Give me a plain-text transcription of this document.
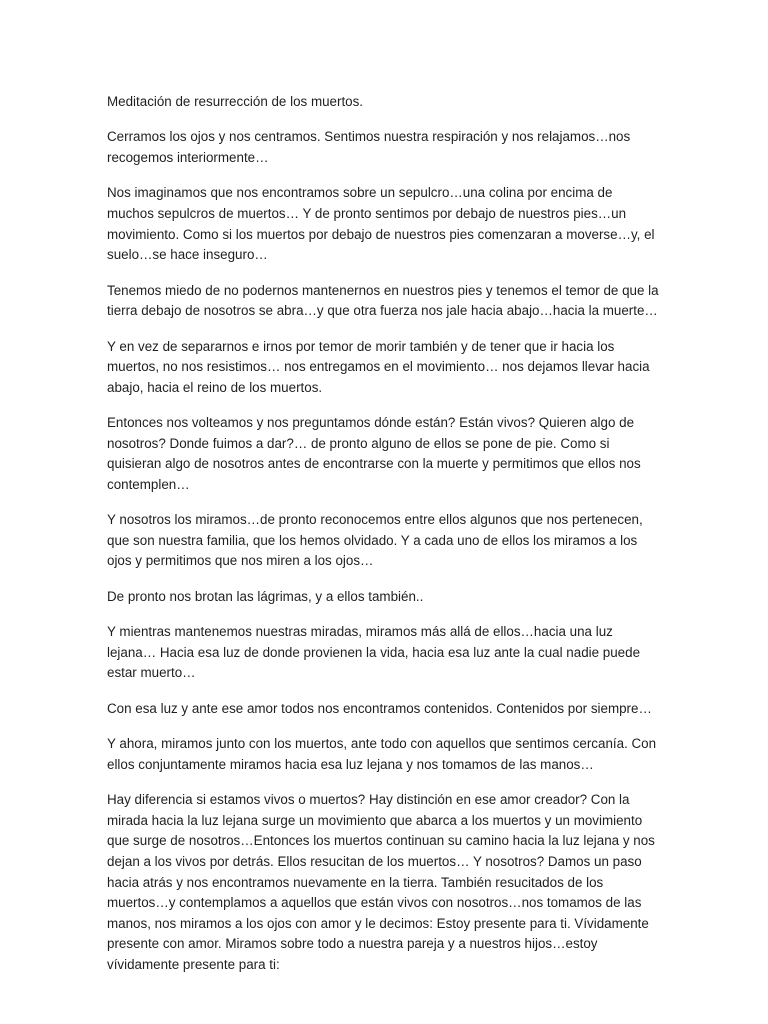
Meditación de resurrección de los muertos.

Cerramos los ojos y nos centramos. Sentimos nuestra respiración y nos relajamos…nos recogemos interiormente…

Nos imaginamos que nos encontramos sobre un sepulcro…una colina por encima de muchos sepulcros de muertos… Y de pronto sentimos por debajo de nuestros pies…un movimiento. Como si los muertos por debajo de nuestros pies comenzaran a moverse…y, el suelo…se hace inseguro…

Tenemos miedo de no podernos mantenernos en nuestros pies y tenemos el temor de que la tierra debajo de nosotros se abra…y que otra fuerza nos jale hacia abajo…hacia la muerte…

Y en vez de separarnos e irnos por temor de morir también y de tener que ir hacia los muertos, no nos resistimos… nos entregamos en el movimiento… nos dejamos llevar hacia abajo, hacia el reino de los muertos.

Entonces nos volteamos y nos preguntamos dónde están? Están vivos? Quieren algo de nosotros? Donde fuimos a dar?… de pronto alguno de ellos se pone de pie. Como si quisieran algo de nosotros antes de encontrarse con la muerte y permitimos que ellos nos contemplen…

Y nosotros los miramos…de pronto reconocemos entre ellos algunos que nos pertenecen, que son nuestra familia, que los hemos olvidado. Y a cada uno de ellos los miramos a los ojos y permitimos que nos miren a los ojos…

De pronto nos brotan las lágrimas, y a ellos también..

Y mientras mantenemos nuestras miradas, miramos más allá de ellos…hacia una luz lejana… Hacia esa luz de donde provienen la vida, hacia esa luz ante la cual nadie puede estar muerto…

Con esa luz y ante ese amor todos nos encontramos contenidos. Contenidos por siempre…

Y ahora, miramos junto con los muertos, ante todo con aquellos que sentimos cercanía. Con ellos conjuntamente miramos hacia esa luz lejana y nos tomamos de las manos…

Hay diferencia si estamos vivos o muertos? Hay distinción en ese amor creador? Con la mirada hacia la luz lejana surge un movimiento que abarca a los muertos y un movimiento que surge de nosotros…Entonces los muertos continuan su camino hacia la luz lejana y nos dejan a los vivos por detrás. Ellos resucitan de los muertos… Y nosotros? Damos un paso hacia atrás y nos encontramos nuevamente en la tierra. También resucitados de los muertos…y contemplamos a aquellos que están vivos con nosotros…nos tomamos de las manos, nos miramos a los ojos con amor y le decimos: Estoy presente para ti. Vívidamente presente con amor. Miramos sobre todo a nuestra pareja y a nuestros hijos…estoy vívidamente presente para ti:
